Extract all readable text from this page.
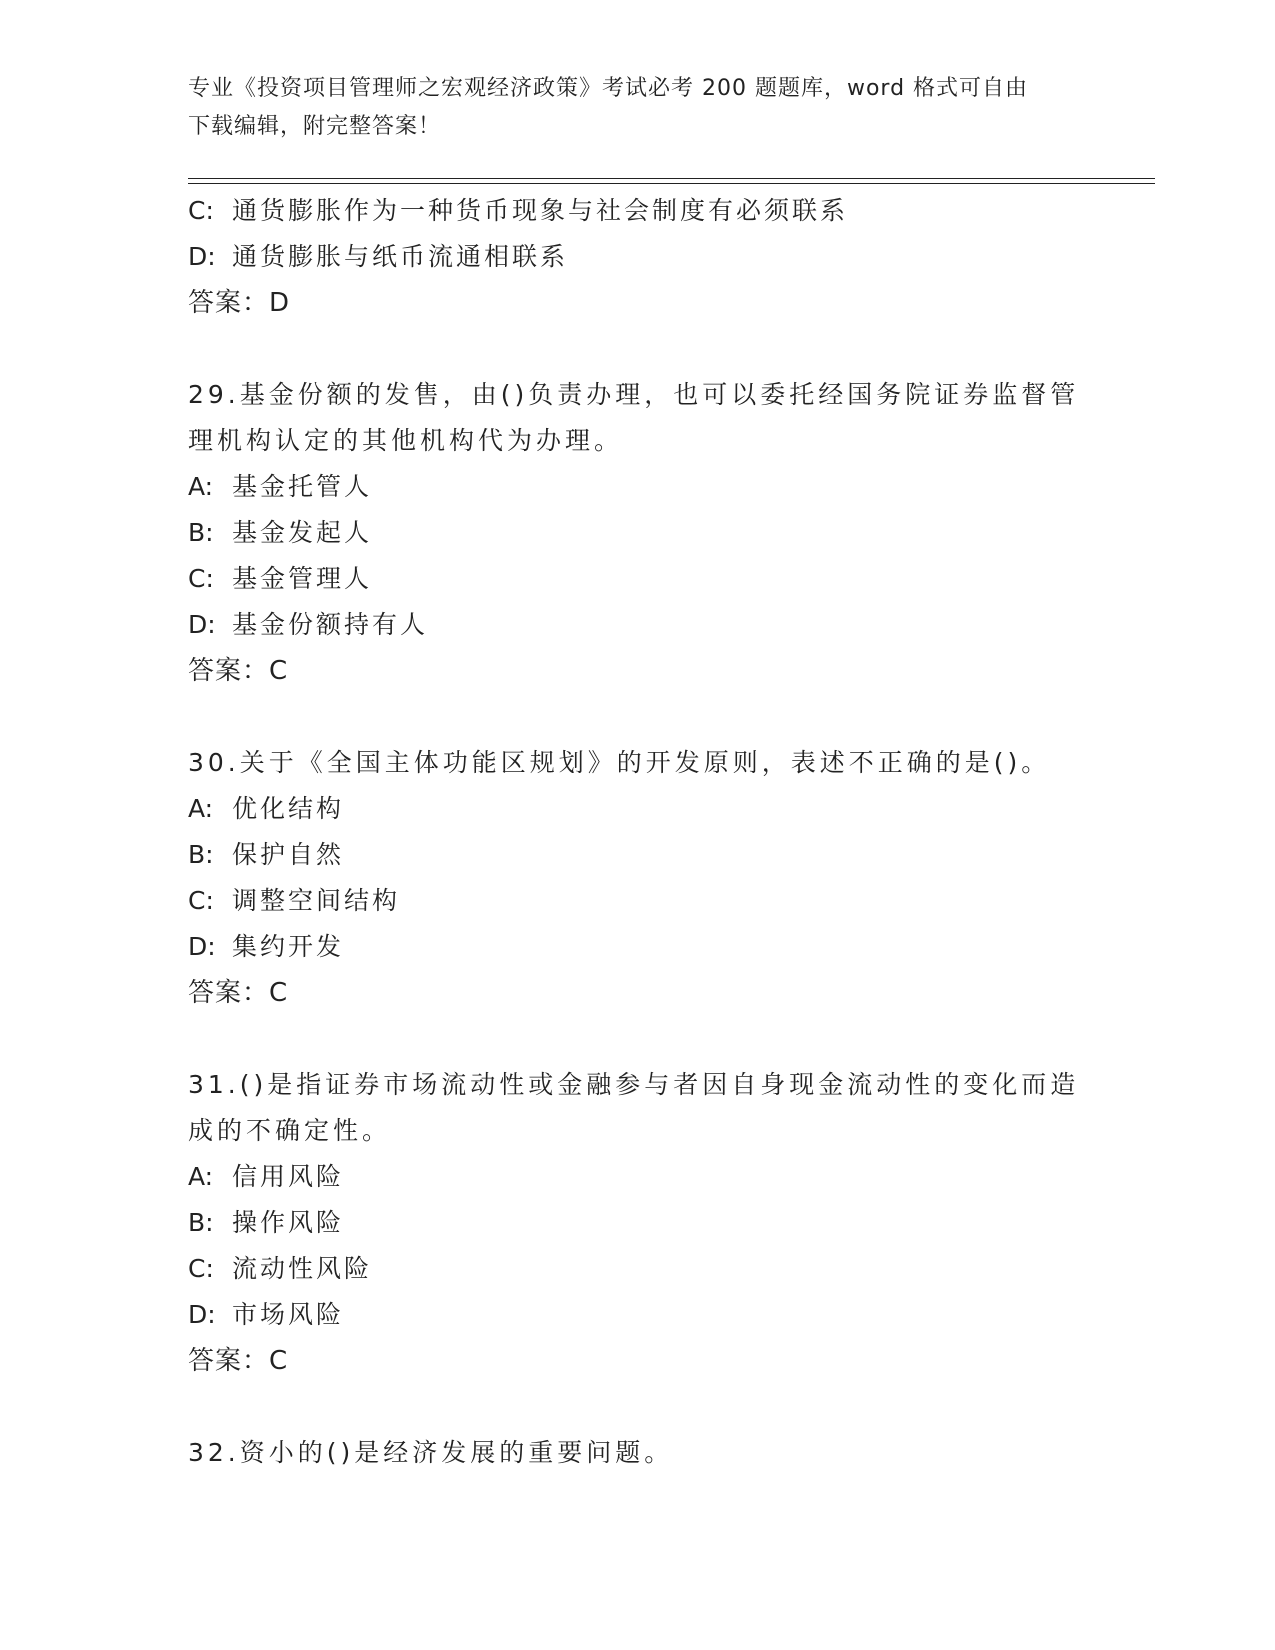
专业《投资项目管理师之宏观经济政策》考试必考 200 题题库，word 格式可自由
下载编辑，附完整答案！
C: 通货膨胀作为一种货币现象与社会制度有必须联系
D: 通货膨胀与纸币流通相联系
答案：D
29.基金份额的发售，由()负责办理，也可以委托经国务院证券监督管
理机构认定的其他机构代为办理。
A: 基金托管人
B: 基金发起人
C: 基金管理人
D: 基金份额持有人
答案：C
30.关于《全国主体功能区规划》的开发原则，表述不正确的是()。
A: 优化结构
B: 保护自然
C: 调整空间结构
D: 集约开发
答案：C
31.()是指证券市场流动性或金融参与者因自身现金流动性的变化而造
成的不确定性。
A: 信用风险
B: 操作风险
C: 流动性风险
D: 市场风险
答案：C
32.资小的()是经济发展的重要问题。
